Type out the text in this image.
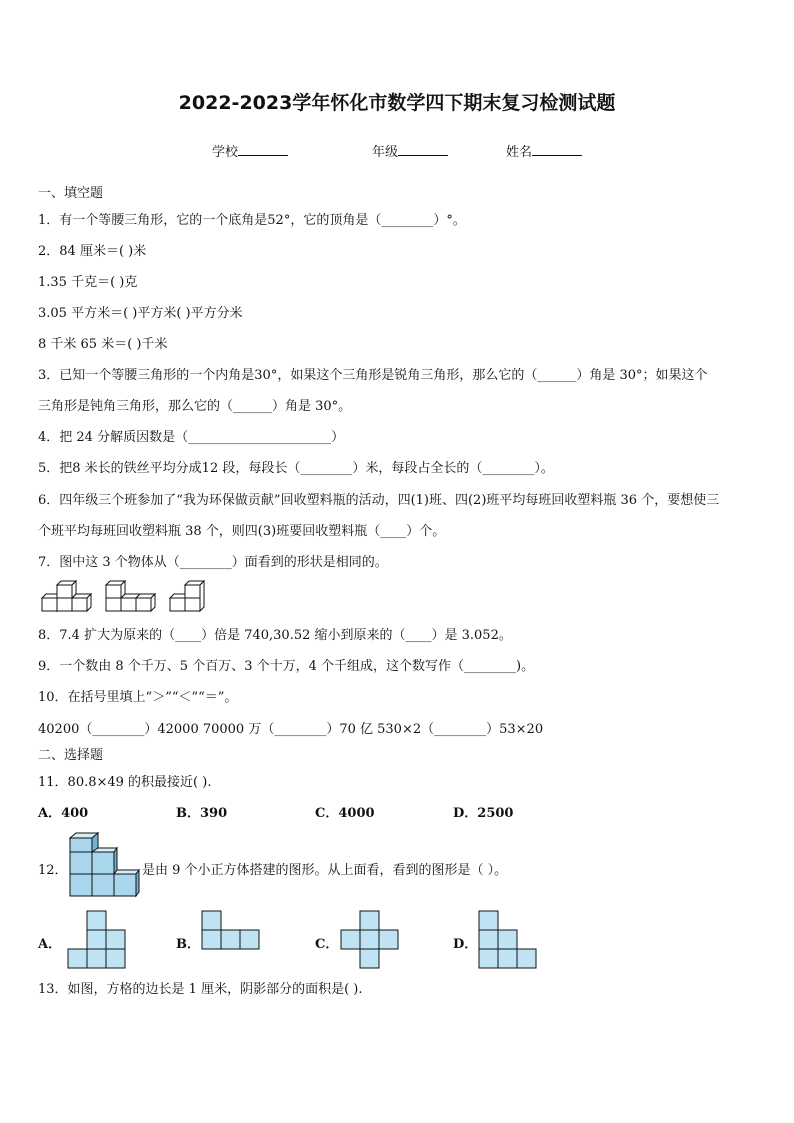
2022-2023学年怀化市数学四下期末复习检测试题
学校	年级	姓名
一、填空题
1．有一个等腰三角形，它的一个底角是52°，它的顶角是（________）°。
2．84 厘米＝( )米
1.35 千克＝( )克
3.05 平方米＝( )平方米( )平方分米
8 千米 65 米＝( )千米
3．已知一个等腰三角形的一个内角是30°，如果这个三角形是锐角三角形，那么它的（______）角是 30°；如果这个
三角形是钝角三角形，那么它的（______）角是 30°。
4．把 24 分解质因数是（______________________）
5．把8 米长的铁丝平均分成12 段，每段长（________）米，每段占全长的（________）。
6．四年级三个班参加了“我为环保做贡献”回收塑料瓶的活动，四(1)班、四(2)班平均每班回收塑料瓶 36 个，要想使三
个班平均每班回收塑料瓶 38 个，则四(3)班要回收塑料瓶（____）个。
7．图中这 3 个物体从（________）面看到的形状是相同的。
8．7.4 扩大为原来的（____）倍是 740,30.52 缩小到原来的（____）是 3.052。
9．一个数由 8 个千万、5 个百万、3 个十万，4 个千组成，这个数写作（________)。
10．在括号里填上“＞”“＜”“＝”。
40200（________）42000 70000 万（________）70 亿 530×2（________）53×20
二、选择题
11．80.8×49 的积最接近( ).
A．400	B．390	C．4000	D．2500
12．	是由 9 个小正方体搭建的图形。从上面看，看到的图形是（ ）。
A．	B．	C．	D．
13．如图，方格的边长是 1 厘米，阴影部分的面积是( ).
